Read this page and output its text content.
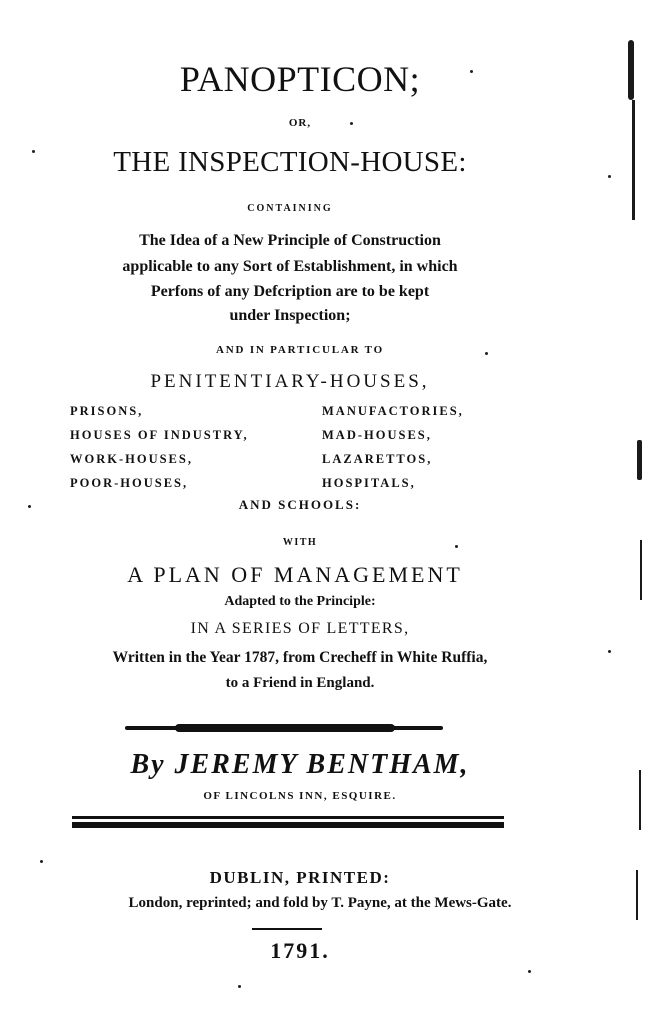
PANOPTICON;
OR,
THE INSPECTION-HOUSE:
CONTAINING
The Idea of a New Principle of Construction
applicable to any Sort of Establishment, in which
Perfons of any Defcription are to be kept
under Inspection;
AND IN PARTICULAR TO
PENITENTIARY-HOUSES,
PRISONS,
HOUSES OF INDUSTRY,
WORK-HOUSES,
POOR-HOUSES,
MANUFACTORIES,
MAD-HOUSES,
LAZARETTOS,
HOSPITALS,
AND SCHOOLS:
WITH
A PLAN OF MANAGEMENT
Adapted to the Principle:
IN A SERIES OF LETTERS,
Written in the Year 1787, from Crecheff in White Ruffia,
to a Friend in England.
By JEREMY BENTHAM,
OF LINCOLNS INN, ESQUIRE.
DUBLIN, PRINTED:
London, reprinted; and fold by T. Payne, at the Mews-Gate.
1791.
